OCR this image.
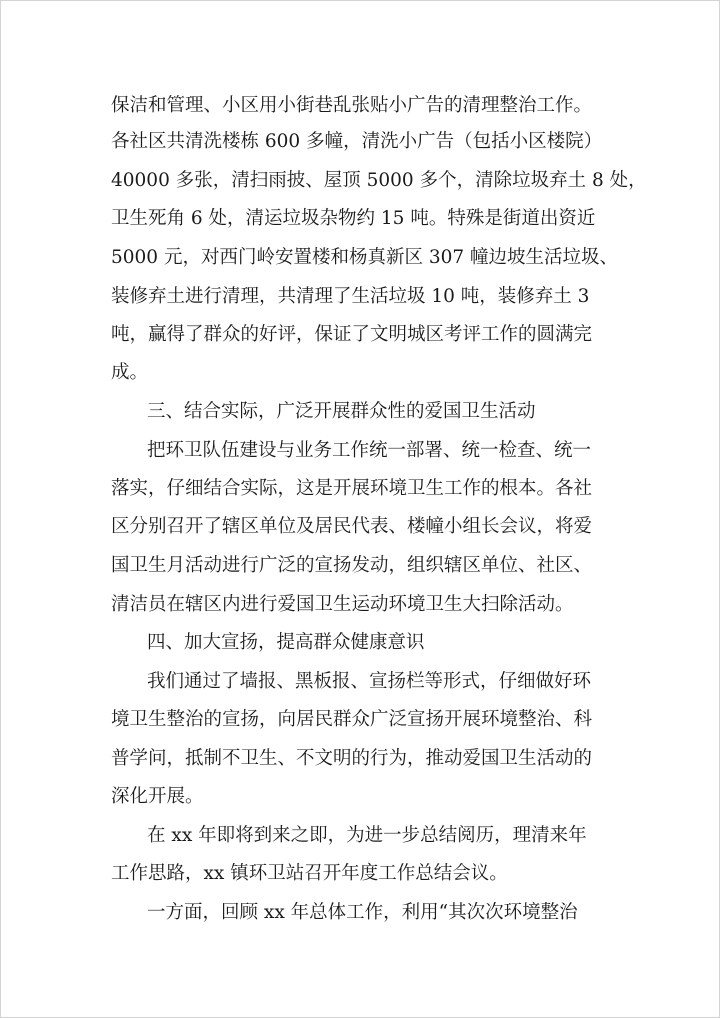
保洁和管理、小区用小街巷乱张贴小广告的清理整治工作。
各社区共清洗楼栋 600 多幢，清洗小广告（包括小区楼院）
40000 多张，清扫雨披、屋顶 5000 多个，清除垃圾弃土 8 处，
卫生死角 6 处，清运垃圾杂物约 15 吨。特殊是街道出资近
5000 元，对西门岭安置楼和杨真新区 307 幢边坡生活垃圾、
装修弃土进行清理，共清理了生活垃圾 10 吨，装修弃土 3
吨，赢得了群众的好评，保证了文明城区考评工作的圆满完
成。
三、结合实际，广泛开展群众性的爱国卫生活动
把环卫队伍建设与业务工作统一部署、统一检查、统一
落实，仔细结合实际，这是开展环境卫生工作的根本。各社
区分别召开了辖区单位及居民代表、楼幢小组长会议，将爱
国卫生月活动进行广泛的宣扬发动，组织辖区单位、社区、
清洁员在辖区内进行爱国卫生运动环境卫生大扫除活动。
四、加大宣扬，提高群众健康意识
我们通过了墙报、黑板报、宣扬栏等形式，仔细做好环
境卫生整治的宣扬，向居民群众广泛宣扬开展环境整治、科
普学问，抵制不卫生、不文明的行为，推动爱国卫生活动的
深化开展。
在 xx 年即将到来之即，为进一步总结阅历，理清来年
工作思路，xx 镇环卫站召开年度工作总结会议。
一方面，回顾 xx 年总体工作，利用“其次次环境整治
